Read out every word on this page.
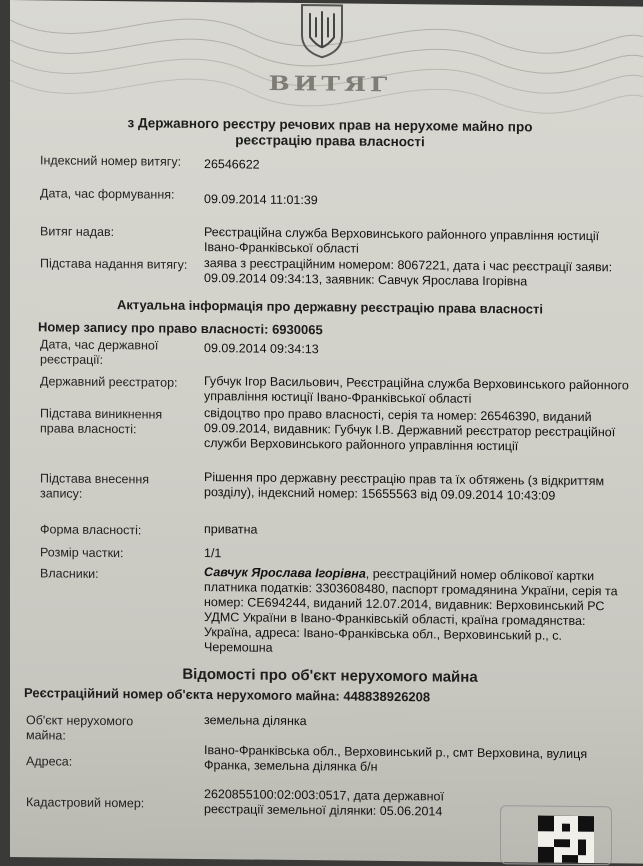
ВИТЯГ
з Державного реєстру речових прав на нерухоме майно про
реєстрацію права власності
Індексний номер витягу:	26546622
Дата, час формування:	09.09.2014 11:01:39
Витяг надав:	Реєстраційна служба Верховинського районного управління юстиції Івано-Франківської області
Підстава надання витягу: заява з реєстраційним номером: 8067221, дата і час реєстрації заяви: 09.09.2014 09:34:13, заявник: Савчук Ярослава Ігорівна
Актуальна інформація про державну реєстрацію права власності
Номер запису про право власності: 6930065
Дата, час державної реєстрації:
09.09.2014 09:34:13
Державний реєстратор:	Губчук Ігор Васильович, Реєстраційна служба Верховинського районного управління юстиції Івано-Франківської області
Підстава виникнення права власності:
свідоцтво про право власності, серія та номер: 26546390, виданий 09.09.2014, видавник: Губчук І.В. Державний реєстратор реєстраційної служби Верховинського районного управління юстиції
Підстава внесення запису:
Рішення про державну реєстрацію прав та їх обтяжень (з відкриттям розділу), індексний номер: 15655563 від 09.09.2014 10:43:09
Форма власності:	приватна
Розмір частки:	1/1
Власники:	Савчук Ярослава Ігорівна, реєстраційний номер облікової картки платника податків: 3303608480, паспорт громадянина України, серія та номер: СЕ694244, виданий 12.07.2014, видавник: Верховинський РС УДМС України в Івано-Франківській області, країна громадянства: Україна, адреса: Івано-Франківська обл., Верховинський р., с. Черемошна
Відомості про об'єкт нерухомого майна
Реєстраційний номер об'єкта нерухомого майна: 448838926208
Об'єкт нерухомого майна:
земельна ділянка
Адреса:
Івано-Франківська обл., Верховинський р., смт Верховина, вулиця Франка, земельна ділянка б/н
Кадастровий номер:	2620855100:02:003:0517, дата державної реєстрації земельної ділянки: 05.06.2014
